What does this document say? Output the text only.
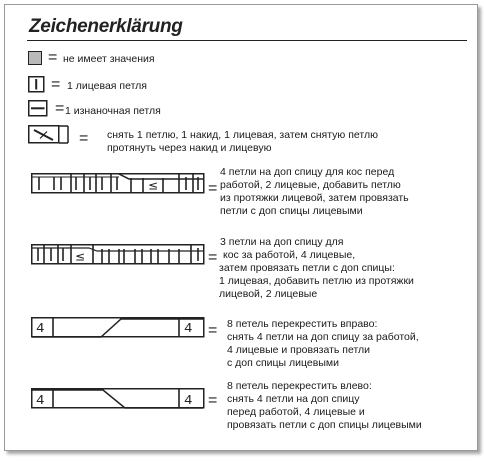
Zeichenerklärung
= не имеет значения
= 1 лицевая петля
= 1 изнаночная петля
= снять 1 петлю, 1 накид, 1 лицевая, затем снятую петлю
протянуть через накид и лицевую
≤	=
4 петли на доп спицу для кос перед
работой, 2 лицевые, добавить петлю
из протяжки лицевой, затем провязать
петли с доп спицы лицевыми
≤	=
3 петли на доп спицу для
кос за работой, 4 лицевые,
затем провязать петли с доп спицы:
1 лицевая, добавить петлю из протяжки
лицевой, 2 лицевые
4	4 = 8 петель перекрестить вправо:
снять 4 петли на доп спицу за работой,
4 лицевые и провязать петли
с доп спицы лицевыми
4	4 =
8 петель перекрестить влево:
снять 4 петли на доп спицу
перед работой, 4 лицевые и
провязать петли с доп спицы лицевыми
